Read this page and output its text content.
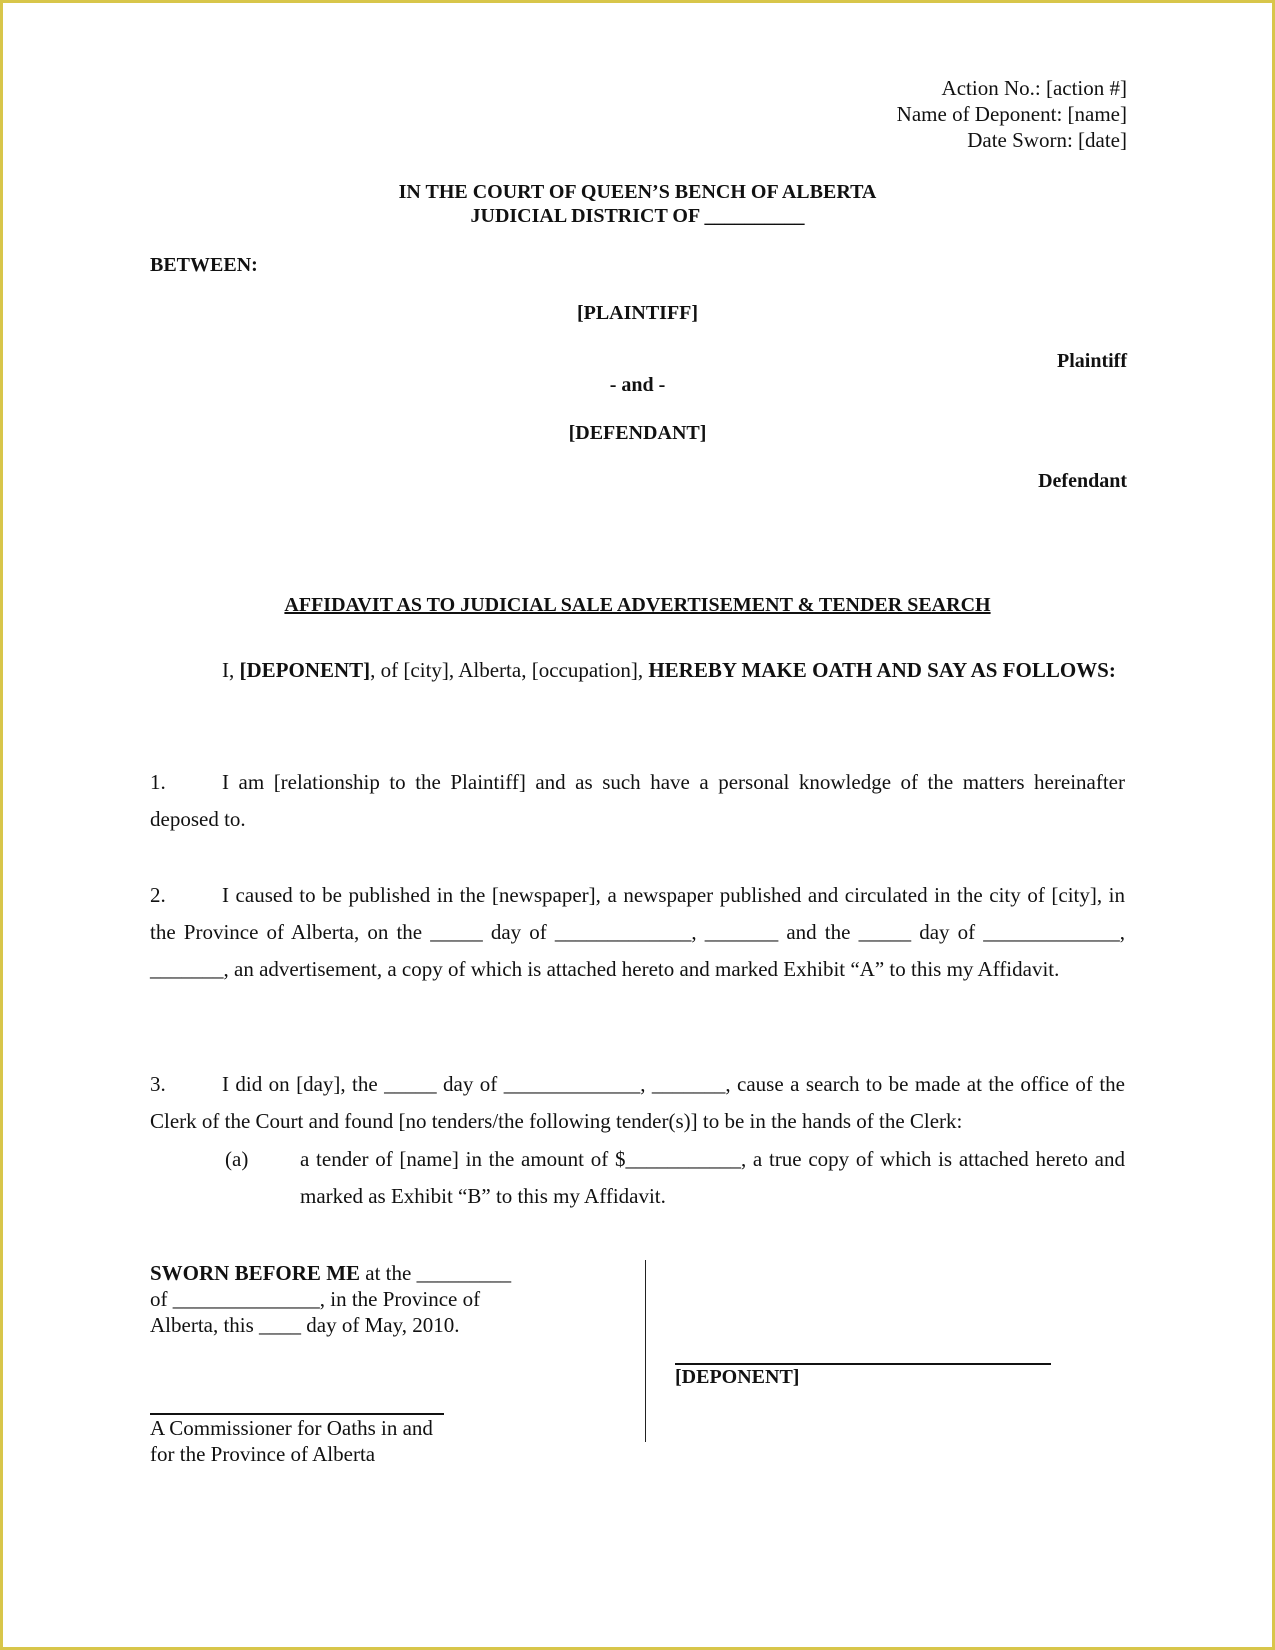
Action No.: [action #]
Name of Deponent: [name]
Date Sworn: [date]
IN THE COURT OF QUEEN’S BENCH OF ALBERTA
JUDICIAL DISTRICT OF __________
BETWEEN:
[PLAINTIFF]
Plaintiff
- and -
[DEFENDANT]
Defendant
AFFIDAVIT AS TO JUDICIAL SALE ADVERTISEMENT & TENDER SEARCH
I, [DEPONENT], of [city], Alberta, [occupation], HEREBY MAKE OATH AND SAY AS FOLLOWS:
1.	I am [relationship to the Plaintiff] and as such have a personal knowledge of the matters hereinafter deposed to.
2.	I caused to be published in the [newspaper], a newspaper published and circulated in the city of [city], in the Province of Alberta, on the _____ day of _____________, _______ and the _____ day of _____________, _______, an advertisement, a copy of which is attached hereto and marked Exhibit “A” to this my Affidavit.
3.	I did on [day], the _____ day of _____________, _______, cause a search to be made at the office of the Clerk of the Court and found [no tenders/the following tender(s)] to be in the hands of the Clerk:
(a) a tender of [name] in the amount of $___________, a true copy of which is attached hereto and marked as Exhibit “B” to this my Affidavit.
SWORN BEFORE ME at the _________
of ______________, in the Province of
Alberta, this ____ day of May, 2010.
A Commissioner for Oaths in and
for the Province of Alberta
[DEPONENT]
